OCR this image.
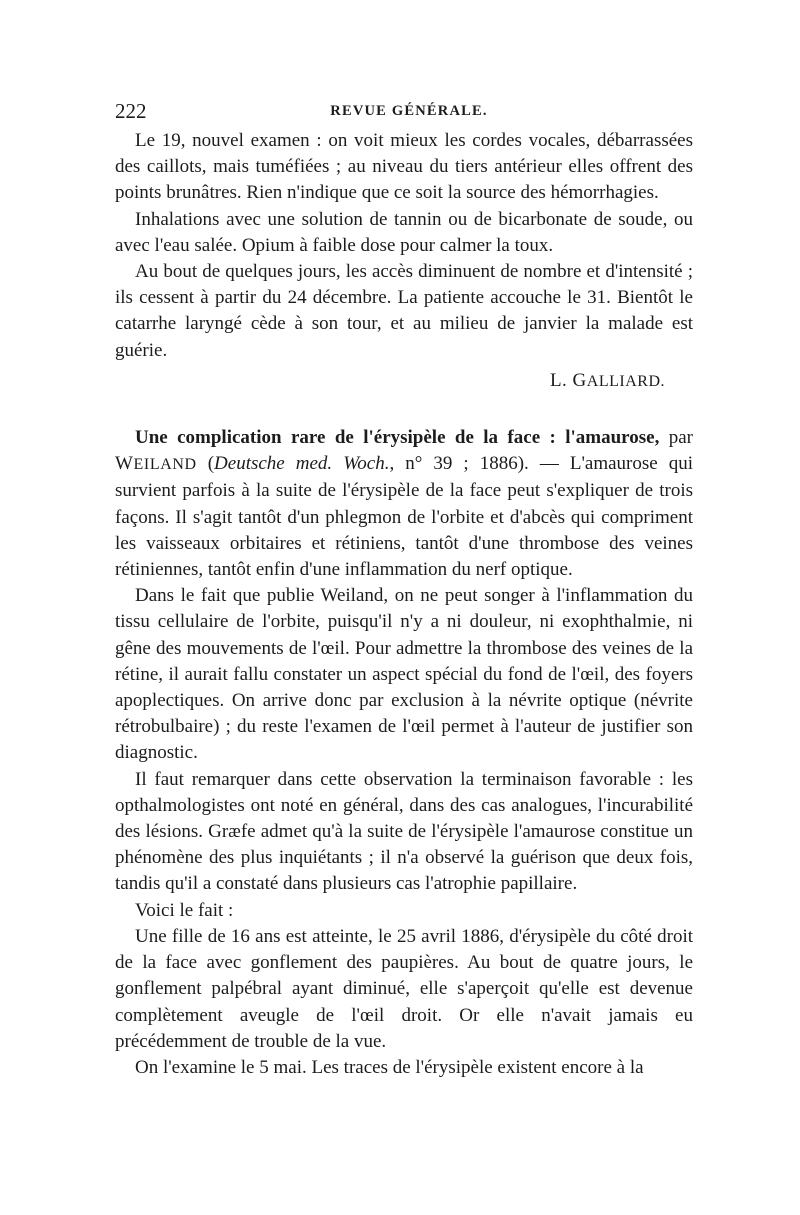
222	REVUE GÉNÉRALE.

Le 19, nouvel examen : on voit mieux les cordes vocales, débarrassées des caillots, mais tuméfiées ; au niveau du tiers antérieur elles offrent des points brunâtres. Rien n'indique que ce soit la source des hémorrhagies.

Inhalations avec une solution de tannin ou de bicarbonate de soude, ou avec l'eau salée. Opium à faible dose pour calmer la toux.

Au bout de quelques jours, les accès diminuent de nombre et d'intensité ; ils cessent à partir du 24 décembre. La patiente accouche le 31. Bientôt le catarrhe laryngé cède à son tour, et au milieu de janvier la malade est guérie.

L. GALLIARD.

Une complication rare de l'érysipèle de la face : l'amaurose, par WEILAND (Deutsche med. Woch., n° 39 ; 1886). — L'amaurose qui survient parfois à la suite de l'érysipèle de la face peut s'expliquer de trois façons. Il s'agit tantôt d'un phlegmon de l'orbite et d'abcès qui compriment les vaisseaux orbitaires et rétiniens, tantôt d'une thrombose des veines rétiniennes, tantôt enfin d'une inflammation du nerf optique.

Dans le fait que publie Weiland, on ne peut songer à l'inflammation du tissu cellulaire de l'orbite, puisqu'il n'y a ni douleur, ni exophthalmie, ni gêne des mouvements de l'œil. Pour admettre la thrombose des veines de la rétine, il aurait fallu constater un aspect spécial du fond de l'œil, des foyers apoplectiques. On arrive donc par exclusion à la névrite optique (névrite rétrobulbaire) ; du reste l'examen de l'œil permet à l'auteur de justifier son diagnostic.

Il faut remarquer dans cette observation la terminaison favorable : les opthalmologistes ont noté en général, dans des cas analogues, l'incurabilité des lésions. Græfe admet qu'à la suite de l'érysipèle l'amaurose constitue un phénomène des plus inquiétants ; il n'a observé la guérison que deux fois, tandis qu'il a constaté dans plusieurs cas l'atrophie papillaire.

Voici le fait :

Une fille de 16 ans est atteinte, le 25 avril 1886, d'érysipèle du côté droit de la face avec gonflement des paupières. Au bout de quatre jours, le gonflement palpébral ayant diminué, elle s'aperçoit qu'elle est devenue complètement aveugle de l'œil droit. Or elle n'avait jamais eu précédemment de trouble de la vue.

On l'examine le 5 mai. Les traces de l'érysipèle existent encore à la
